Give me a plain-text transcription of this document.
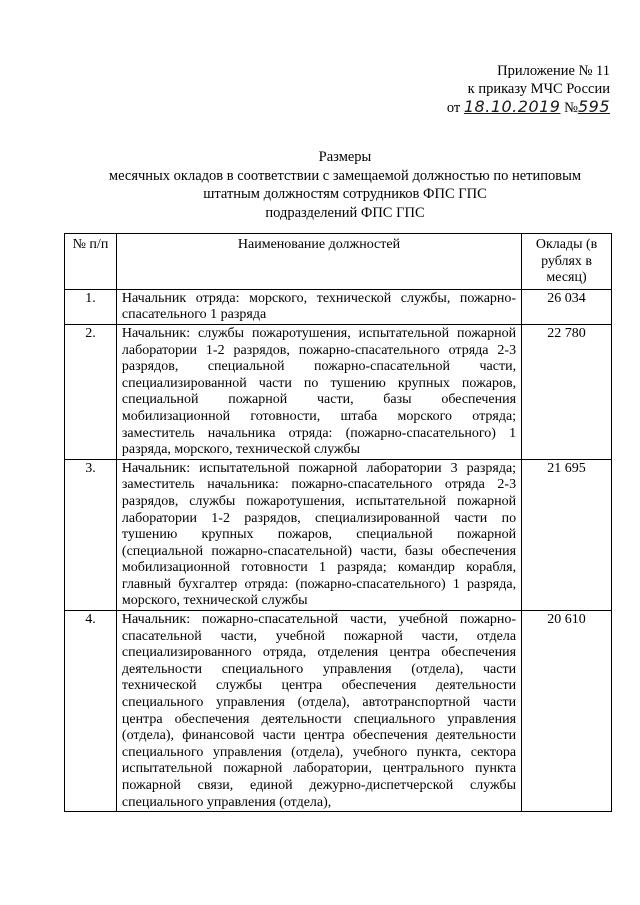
Приложение № 11
к приказу МЧС России
от 18.10.2019 №595
Размеры
месячных окладов в соответствии с замещаемой должностью по нетиповым
штатным должностям сотрудников ФПС ГПС
подразделений ФПС ГПС
№ п/п	Наименование должностей	Оклады (в рублях в месяц)
1.	Начальник отряда: морского, технической службы, пожарно-спасательного 1 разряда	26 034
2.	Начальник: службы пожаротушения, испытательной пожарной лаборатории 1-2 разрядов, пожарно-спасательного отряда 2-3 разрядов, специальной пожарно-спасательной части, специализированной части по тушению крупных пожаров, специальной пожарной части, базы обеспечения мобилизационной готовности, штаба морского отряда; заместитель начальника отряда: (пожарно-спасательного) 1 разряда, морского, технической службы	22 780
3.	Начальник: испытательной пожарной лаборатории 3 разряда; заместитель начальника: пожарно-спасательного отряда 2-3 разрядов, службы пожаротушения, испытательной пожарной лаборатории 1-2 разрядов, специализированной части по тушению крупных пожаров, специальной пожарной (специальной пожарно-спасательной) части, базы обеспечения мобилизационной готовности 1 разряда; командир корабля, главный бухгалтер отряда: (пожарно-спасательного) 1 разряда, морского, технической службы	21 695
4.	Начальник: пожарно-спасательной части, учебной пожарно-спасательной части, учебной пожарной части, отдела специализированного отряда, отделения центра обеспечения деятельности специального управления (отдела), части технической службы центра обеспечения деятельности специального управления (отдела), автотранспортной части центра обеспечения деятельности специального управления (отдела), финансовой части центра обеспечения деятельности специального управления (отдела), учебного пункта, сектора испытательной пожарной лаборатории, центрального пункта пожарной связи, единой дежурно-диспетчерской службы специального управления (отдела),	20 610
